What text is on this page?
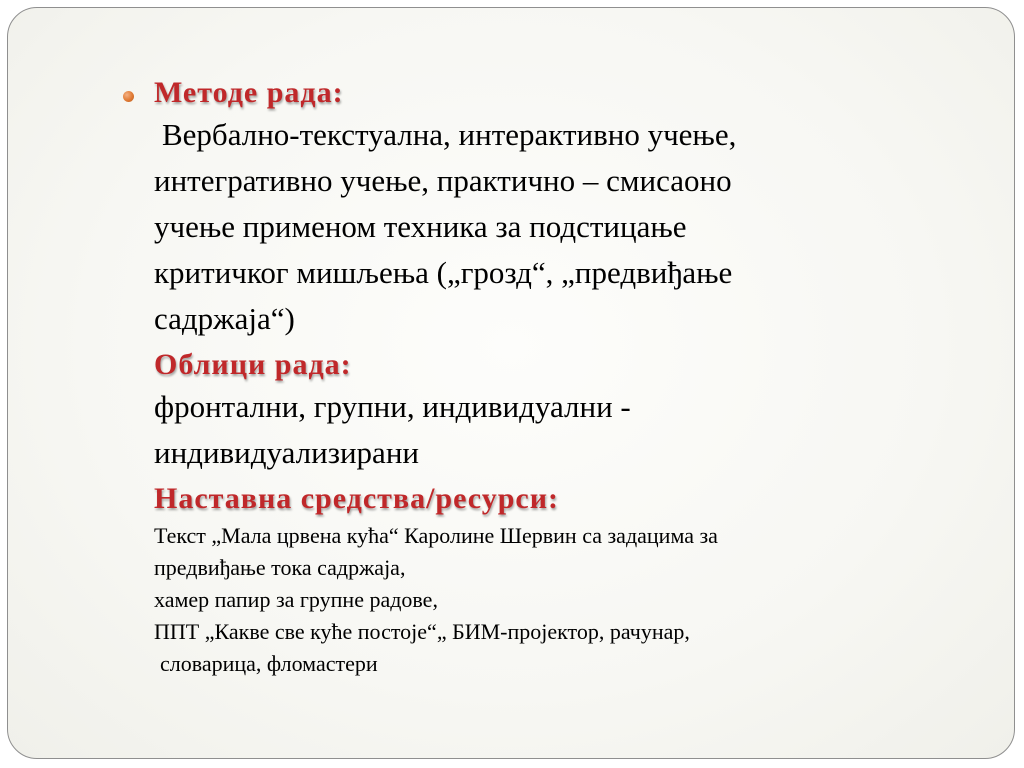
Методе рада:
Вербално-текстуална, интерактивно учење,
интегративно учење, практично – смисаоно
учење применом техника за подстицање
критичког мишљења („грозд“, „предвиђање
садржаја“)
Облици рада:
фронтални, групни, индивидуални -
индивидуализирани
Наставна средства/ресурси:
Текст „Мала црвена кућа“ Каролине Шервин са задацима за
предвиђање тока садржаја,
хамер папир за групне радове,
ППТ „Какве све куће постоје“„ БИМ-пројектор, рачунар,
словарица, фломастери
